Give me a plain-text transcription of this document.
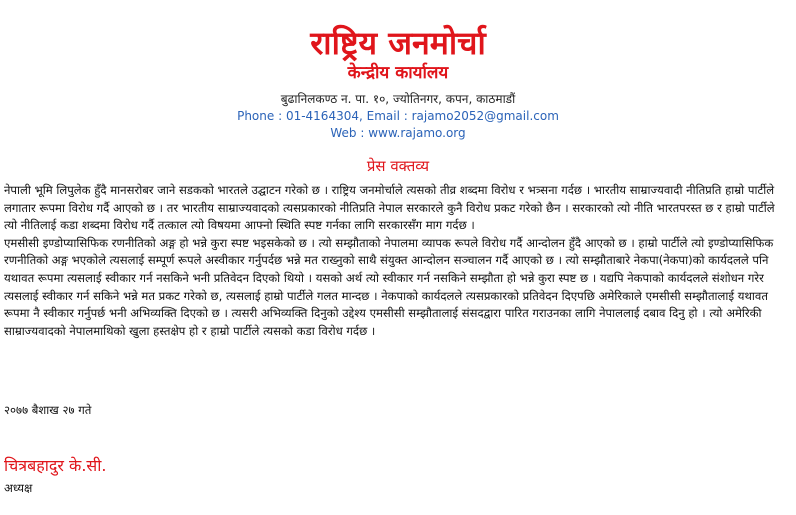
राष्ट्रिय जनमोर्चा
केन्द्रीय कार्यालय
बुढानिलकण्ठ न. पा. १०, ज्योतिनगर, कपन, काठमाडौं
Phone : 01-4164304, Email : rajamo2052@gmail.com
Web : www.rajamo.org
प्रेस वक्तव्य

नेपाली भूमि लिपुलेक हुँदै मानसरोबर जाने सडकको भारतले उद्घाटन गरेको छ । राष्ट्रिय जनमोर्चाले त्यसको तीव्र शब्दमा विरोध र भत्र्सना गर्दछ । भारतीय साम्राज्यवादी नीतिप्रति हाम्रो पार्टीले लगातार रूपमा विरोध गर्दै आएको छ । तर भारतीय साम्राज्यवादको त्यसप्रकारको नीतिप्रति नेपाल सरकारले कुनै विरोध प्रकट गरेको छैन । सरकारको त्यो नीति भारतपरस्त छ र हाम्रो पार्टीले त्यो नीतिलाई कडा शब्दमा विरोध गर्दै तत्काल त्यो विषयमा आफ्नो स्थिति स्पष्ट गर्नका लागि सरकारसँग माग गर्दछ ।

एमसीसी इण्डोप्यासिफिक रणनीतिको अङ्ग हो भन्ने कुरा स्पष्ट भइसकेको छ । त्यो सम्झौताको नेपालमा व्यापक रूपले विरोध गर्दै आन्दोलन हुँदै आएको छ । हाम्रो पार्टीले त्यो इण्डोप्यासिफिक रणनीतिको अङ्ग भएकोले त्यसलाई सम्पूर्ण रूपले अस्वीकार गर्नुपर्दछ भन्ने मत राख्नुको साथै संयुक्त आन्दोलन सञ्चालन गर्दै आएको छ । त्यो सम्झौताबारे नेकपा(नेकपा)को कार्यदलले पनि यथावत रूपमा त्यसलाई स्वीकार गर्न नसकिने भनी प्रतिवेदन दिएको थियो । यसको अर्थ त्यो स्वीकार गर्न नसकिने सम्झौता हो भन्ने कुरा स्पष्ट छ । यद्यपि नेकपाको कार्यदलले संशोधन गरेर त्यसलाई स्वीकार गर्न सकिने भन्ने मत प्रकट गरेको छ, त्यसलाई हाम्रो पार्टीले गलत मान्दछ । नेकपाको कार्यदलले त्यसप्रकारको प्रतिवेदन दिएपछि अमेरिकाले एमसीसी सम्झौतालाई यथावत रूपमा नै स्वीकार गर्नुपर्छ भनी अभिव्यक्ति दिएको छ । त्यसरी अभिव्यक्ति दिनुको उद्देश्य एमसीसी सम्झौतालाई संसदद्वारा पारित गराउनका लागि नेपाललाई दबाव दिनु हो । त्यो अमेरिकी साम्राज्यवादको नेपालमाथिको खुला हस्तक्षेप हो र हाम्रो पार्टीले त्यसको कडा विरोध गर्दछ ।

२०७७ बैशाख २७ गते
चित्रबहादुर के.सी.
अध्यक्ष
